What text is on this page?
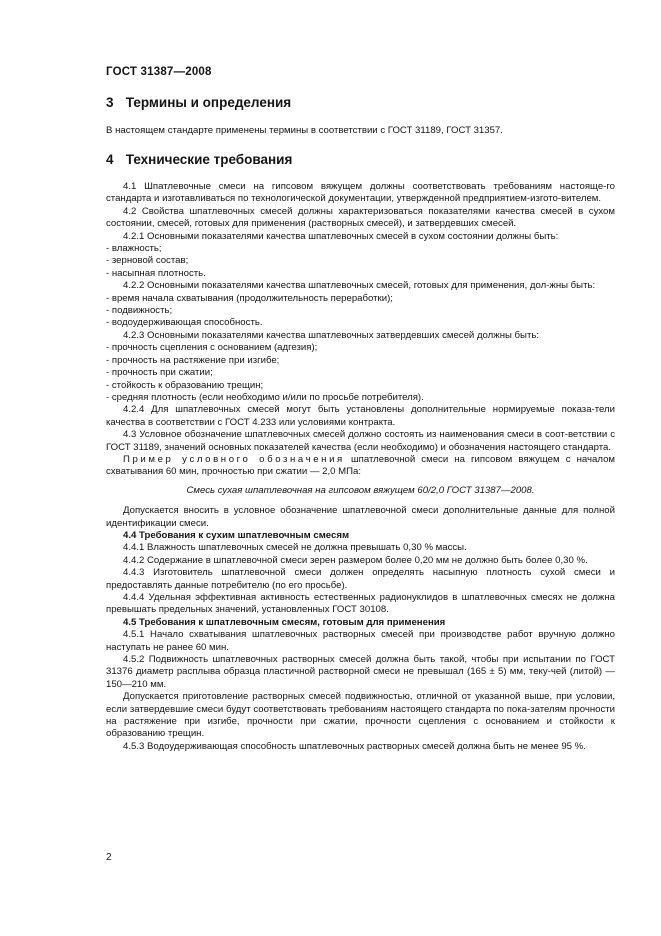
ГОСТ 31387—2008
3 Термины и определения

В настоящем стандарте применены термины в соответствии с ГОСТ 31189, ГОСТ 31357.

4 Технические требования

4.1 Шпатлевочные смеси на гипсовом вяжущем должны соответствовать требованиям настояще-го стандарта и изготавливаться по технологической документации, утвержденной предприятием-изгото-вителем.

4.2 Свойства шпатлевочных смесей должны характеризоваться показателями качества смесей в сухом состоянии, смесей, готовых для применения (растворных смесей), и затвердевших смесей.

4.2.1 Основными показателями качества шпатлевочных смесей в сухом состоянии должны быть:

- влажность;

- зерновой состав;

- насыпная плотность.

4.2.2 Основными показателями качества шпатлевочных смесей, готовых для применения, дол-жны быть:

- время начала схватывания (продолжительность переработки);

- подвижность;

- водоудерживающая способность.

4.2.3 Основными показателями качества шпатлевочных затвердевших смесей должны быть:

- прочность сцепления с основанием (адгезия);

- прочность на растяжение при изгибе;

- прочность при сжатии;

- стойкость к образованию трещин;

- средняя плотность (если необходимо и/или по просьбе потребителя).

4.2.4 Для шпатлевочных смесей могут быть установлены дополнительные нормируемые показа-тели качества в соответствии с ГОСТ 4.233 или условиями контракта.

4.3 Условное обозначение шпатлевочных смесей должно состоять из наименования смеси в соот-ветствии с ГОСТ 31189, значений основных показателей качества (если необходимо) и обозначения настоящего стандарта.

Пример условного обозначения шпатлевочной смеси на гипсовом вяжущем с началом схватывания 60 мин, прочностью при сжатии — 2,0 МПа:

Смесь сухая шпатлевочная на гипсовом вяжущем 60/2,0 ГОСТ 31387—2008.

Допускается вносить в условное обозначение шпатлевочной смеси дополнительные данные для полной идентификации смеси.

4.4 Требования к сухим шпатлевочным смесям

4.4.1 Влажность шпатлевочных смесей не должна превышать 0,30 % массы.

4.4.2 Содержание в шпатлевочной смеси зерен размером более 0,20 мм не должно быть более 0,30 %.

4.4.3 Изготовитель шпатлевочной смеси должен определять насыпную плотность сухой смеси и предоставлять данные потребителю (по его просьбе).

4.4.4 Удельная эффективная активность естественных радионуклидов в шпатлевочных смесях не должна превышать предельных значений, установленных ГОСТ 30108.

4.5 Требования к шпатлевочным смесям, готовым для применения

4.5.1 Начало схватывания шпатлевочных растворных смесей при производстве работ вручную должно наступать не ранее 60 мин.

4.5.2 Подвижность шпатлевочных растворных смесей должна быть такой, чтобы при испытании по ГОСТ 31376 диаметр расплыва образца пластичной растворной смеси не превышал (165 ± 5) мм, теку-чей (литой) — 150—210 мм.

Допускается приготовление растворных смесей подвижностью, отличной от указанной выше, при условии, если затвердевшие смеси будут соответствовать требованиям настоящего стандарта по пока-зателям прочности на растяжение при изгибе, прочности при сжатии, прочности сцепления с основанием и стойкости к образованию трещин.

4.5.3 Водоудерживающая способность шпатлевочных растворных смесей должна быть не менее 95 %.

2
